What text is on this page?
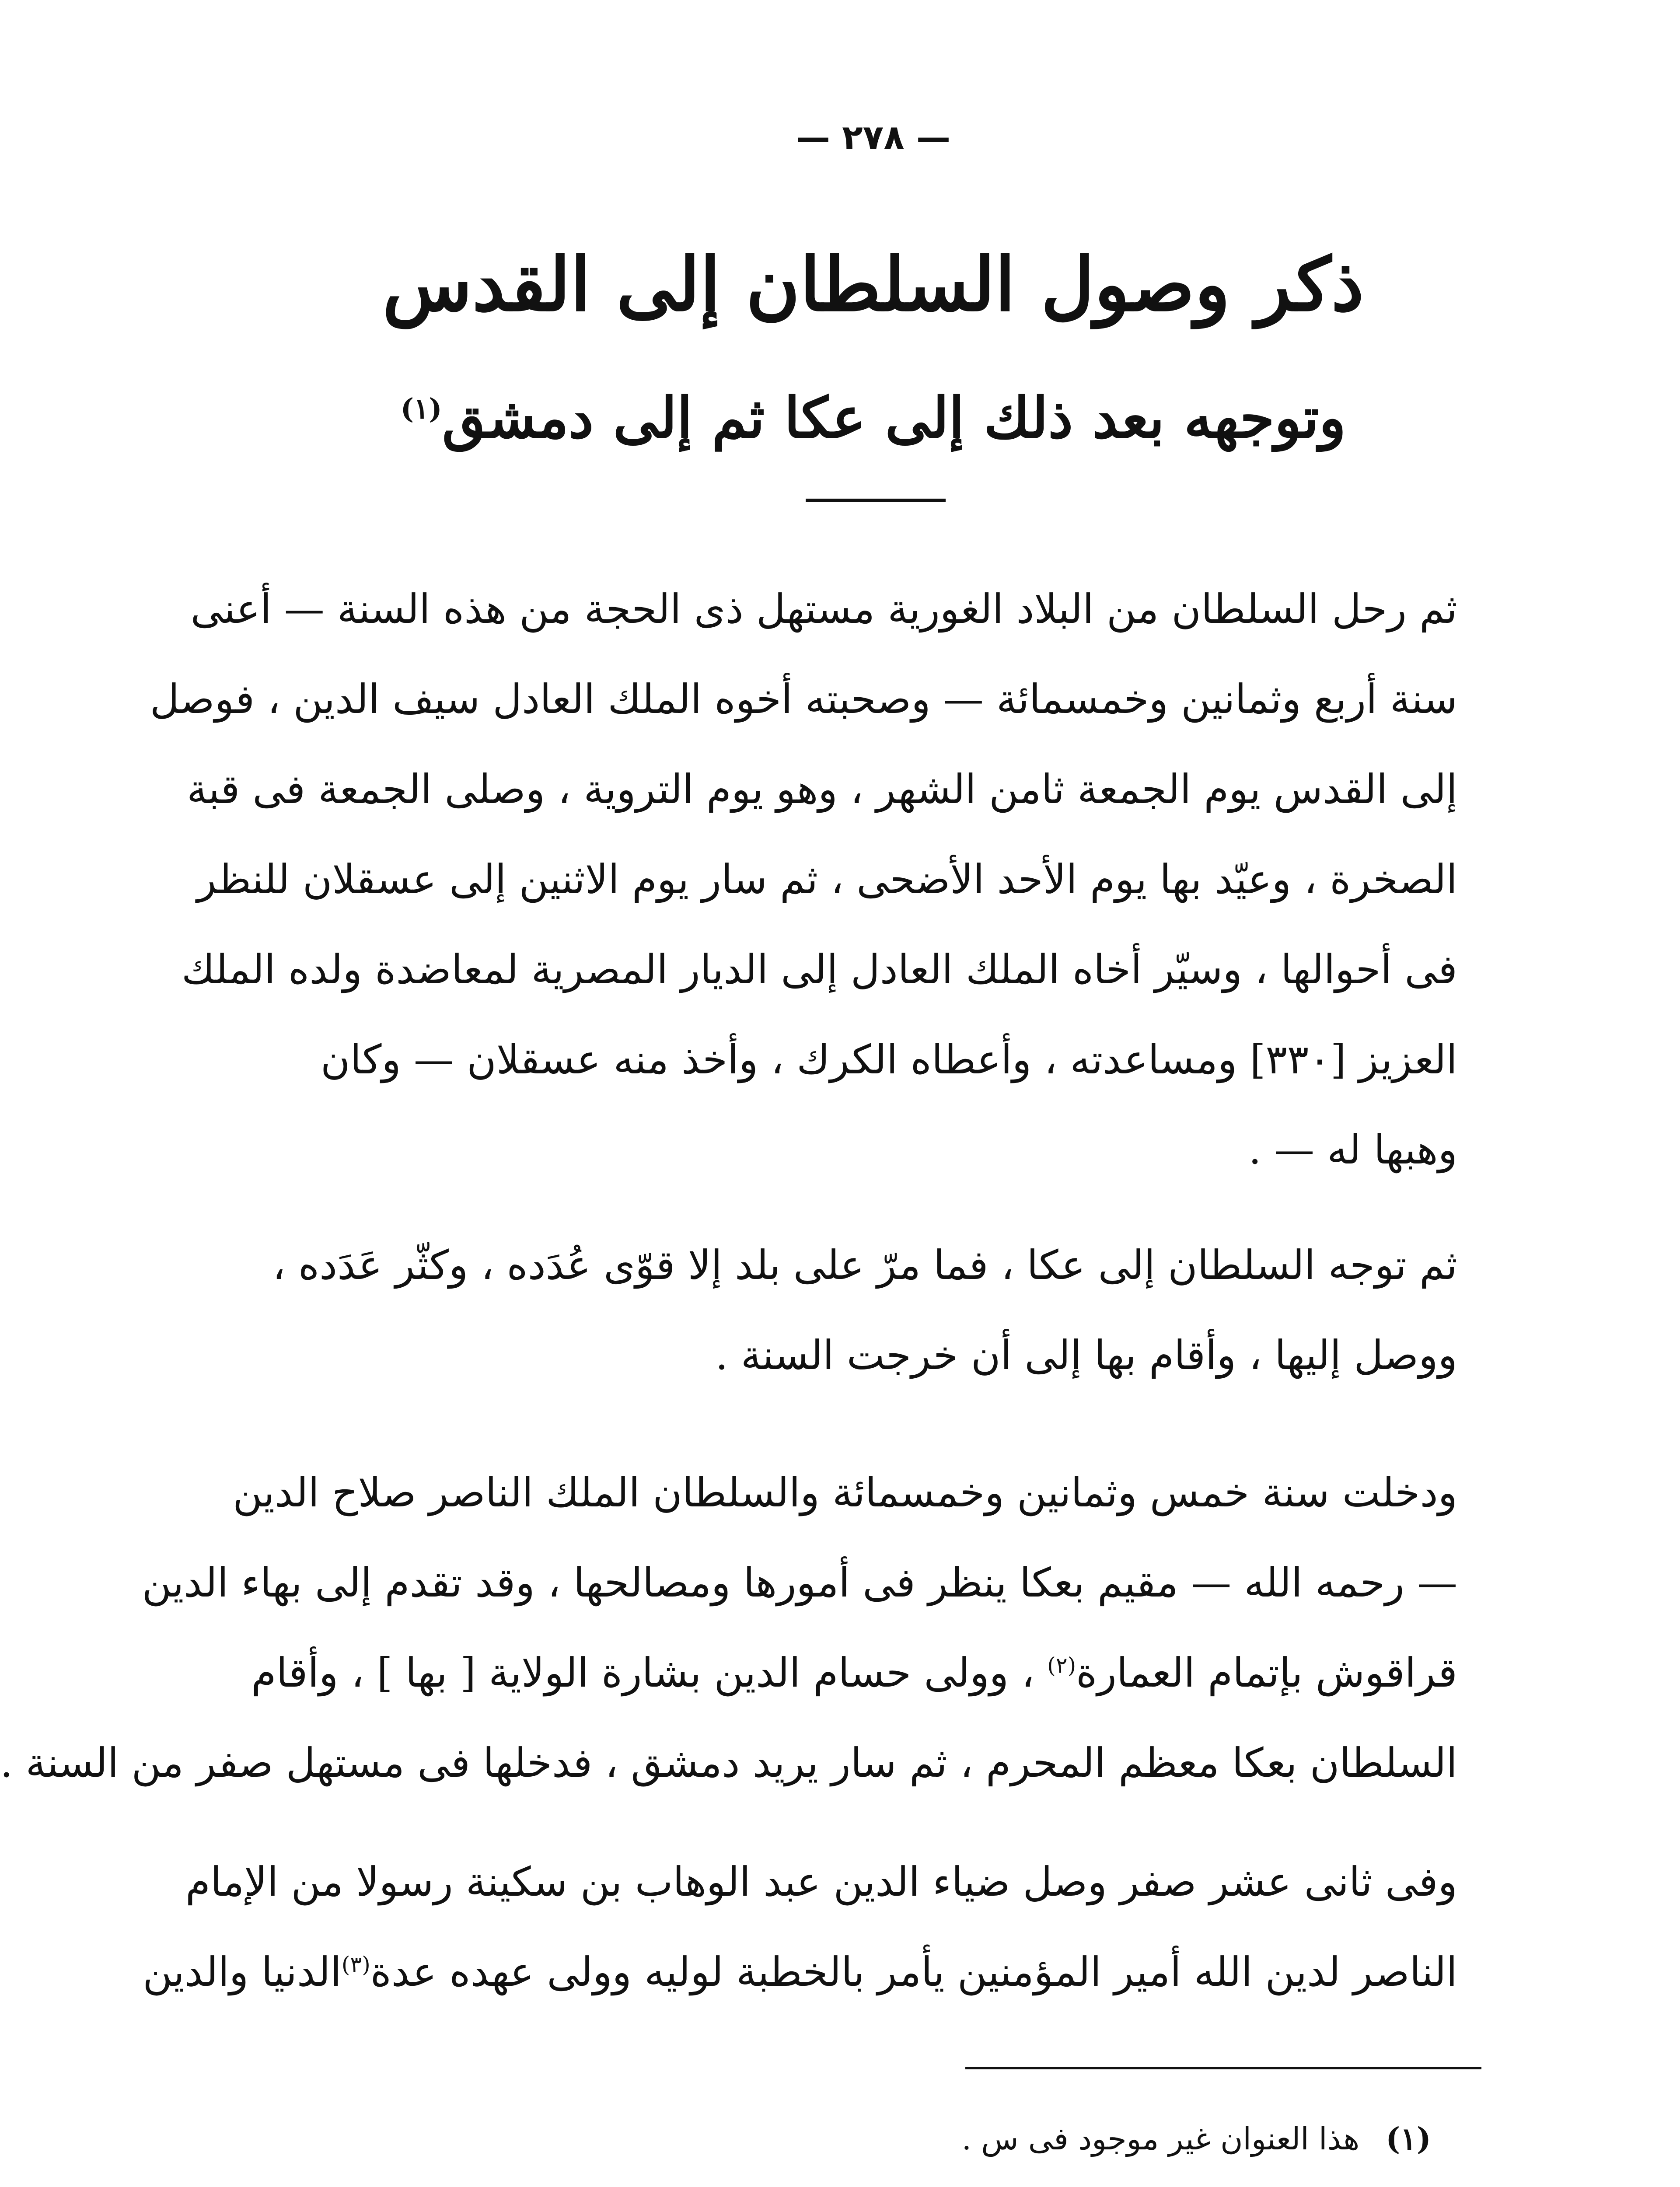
— ٢٧٨ —
ذكر وصول السلطان إلى القدس
وتوجهه بعد ذلك إلى عكا ثم إلى دمشق$^{(١)}$
ثم رحل السلطان من البلاد الغورية مستهل ذى الحجة من هذه السنة — أعنى
سنة أربع وثمانين وخمسمائة — وصحبته أخوه الملك العادل سيف الدين ، فوصل
إلى القدس يوم الجمعة ثامن الشهر ، وهو يوم التروية ، وصلى الجمعة فى قبة
الصخرة ، وعيّد بها يوم الأحد الأضحى ، ثم سار يوم الاثنين إلى عسقلان للنظر
فى أحوالها ، وسيّر أخاه الملك العادل إلى الديار المصرية لمعاضدة ولده الملك
العزيز [٣٣٠] ومساعدته ، وأعطاه الكرك ، وأخذ منه عسقلان — وكان
وهبها له — .
ثم توجه السلطان إلى عكا ، فما مرّ على بلد إلا قوّى عُدَده ، وكثّر عَدَده ،
ووصل إليها ، وأقام بها إلى أن خرجت السنة .
ودخلت سنة خمس وثمانين وخمسمائة والسلطان الملك الناصر صلاح الدين
— رحمه الله — مقيم بعكا ينظر فى أمورها ومصالحها ، وقد تقدم إلى بهاء الدين
قراقوش بإتمام العمارة$^{(٢)}$ ، وولى حسام الدين بشارة الولاية [ بها ] ، وأقام
السلطان بعكا معظم المحرم ، ثم سار يريد دمشق ، فدخلها فى مستهل صفر من السنة .
وفى ثانى عشر صفر وصل ضياء الدين عبد الوهاب بن سكينة رسولا من الإمام
الناصر لدين الله أمير المؤمنين يأمر بالخطبة لوليه وولى عهده عدة$^{(٣)}$الدنيا والدين
(١)هذا العنوان غير موجود فى س .
